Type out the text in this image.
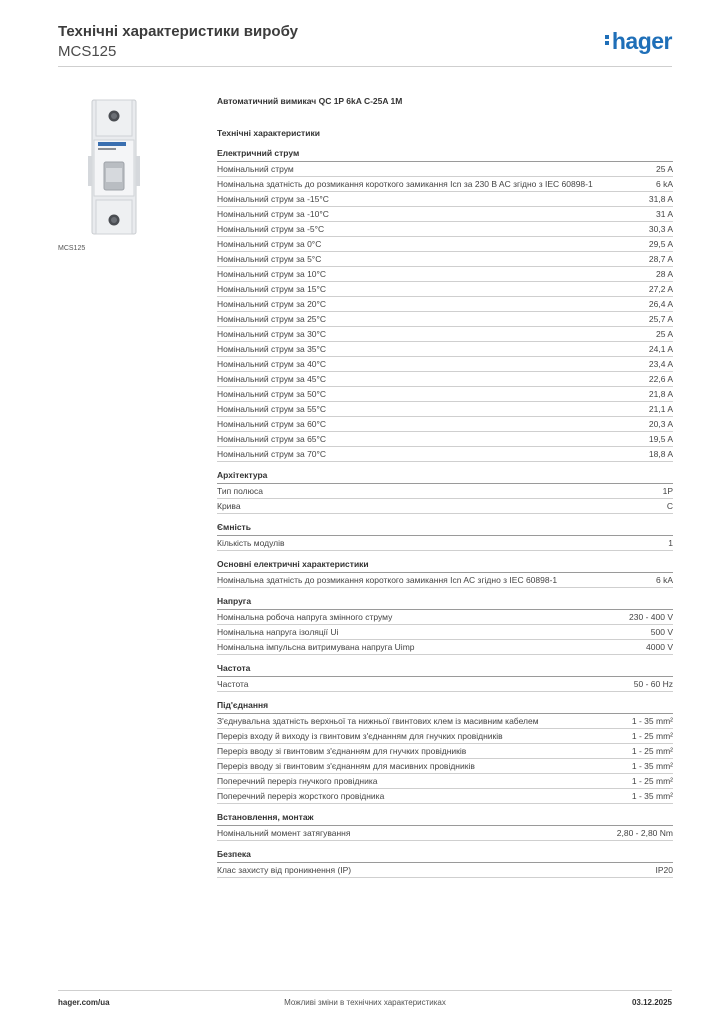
Технічні характеристики виробу
MCS125	hager
MCS125
Автоматичний вимикач QC 1P 6kA C-25A 1M
Технічні характеристики
Електричний струм
Номінальний струм	25 A
Номінальна здатність до розмикання короткого замикання Icn за 230 B AC згідно з IEC 60898-1	6 kA
Номінальний струм за -15°C	31,8 A
Номінальний струм за -10°C	31 A
Номінальний струм за -5°C	30,3 A
Номінальний струм за 0°C	29,5 A
Номінальний струм за 5°C	28,7 A
Номінальний струм за 10°C	28 A
Номінальний струм за 15°C	27,2 A
Номінальний струм за 20°C	26,4 A
Номінальний струм за 25°C	25,7 A
Номінальний струм за 30°C	25 A
Номінальний струм за 35°C	24,1 A
Номінальний струм за 40°C	23,4 A
Номінальний струм за 45°C	22,6 A
Номінальний струм за 50°C	21,8 A
Номінальний струм за 55°C	21,1 A
Номінальний струм за 60°C	20,3 A
Номінальний струм за 65°C	19,5 A
Номінальний струм за 70°C	18,8 A
Архітектура
Тип полюса	1P
Крива	C
Ємність
Кількість модулів	1
Основні електричні характеристики
Номінальна здатність до розмикання короткого замикання Icn AC згідно з IEC 60898-1	6 kA
Напруга
Номінальна робоча напруга змінного струму	230 - 400 V
Номінальна напруга ізоляції Ui	500 V
Номінальна імпульсна витримувана напруга Uimp	4000 V
Частота
Частота	50 - 60 Hz
Під'єднання
З'єднувальна здатність верхньої та нижньої гвинтових клем із масивним кабелем	1 - 35 mm²
Переріз входу й виходу із гвинтовим з'єднанням для гнучких провідників	1 - 25 mm²
Переріз вводу зі гвинтовим з'єднанням для гнучких провідників	1 - 25 mm²
Переріз вводу зі гвинтовим з'єднанням для масивних провідників	1 - 35 mm²
Поперечний переріз гнучкого провідника	1 - 25 mm²
Поперечний переріз жорсткого провідника	1 - 35 mm²
Встановлення, монтаж
Номінальний момент затягування	2,80 - 2,80 Nm
Безпека
Клас захисту від проникнення (IP)	IP20
hager.com/ua	Можливі зміни в технічних характеристиках	03.12.2025
